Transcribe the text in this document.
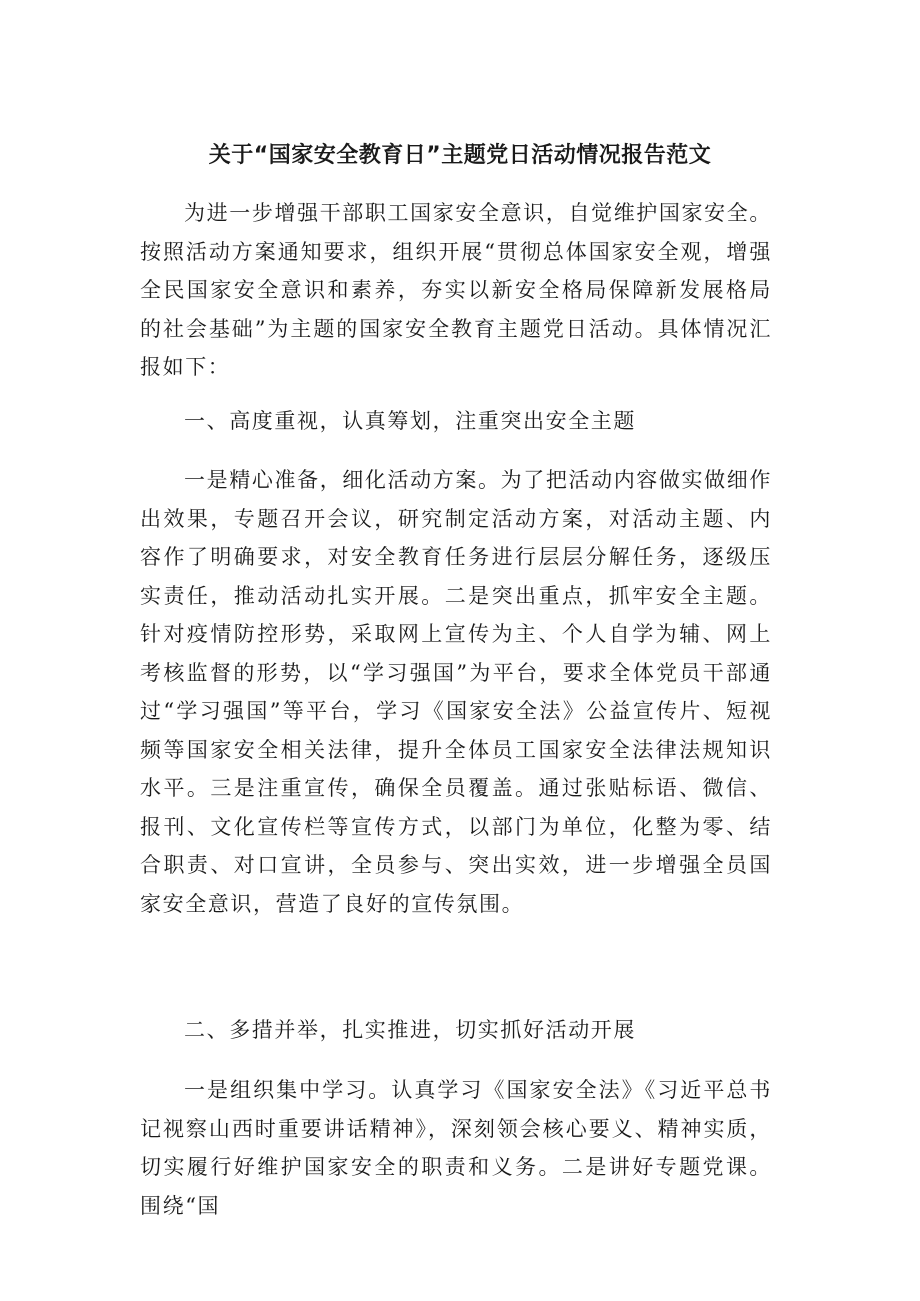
关于“国家安全教育日”主题党日活动情况报告范文

为进一步增强干部职工国家安全意识，自觉维护国家安全。按照活动方案通知要求，组织开展“贯彻总体国家安全观，增强全民国家安全意识和素养，夯实以新安全格局保障新发展格局的社会基础”为主题的国家安全教育主题党日活动。具体情况汇报如下：

一、高度重视，认真筹划，注重突出安全主题

一是精心准备，细化活动方案。为了把活动内容做实做细作出效果，专题召开会议，研究制定活动方案，对活动主题、内容作了明确要求，对安全教育任务进行层层分解任务，逐级压实责任，推动活动扎实开展。二是突出重点，抓牢安全主题。针对疫情防控形势，采取网上宣传为主、个人自学为辅、网上考核监督的形势，以“学习强国”为平台，要求全体党员干部通过“学习强国”等平台，学习《国家安全法》公益宣传片、短视频等国家安全相关法律，提升全体员工国家安全法律法规知识水平。三是注重宣传，确保全员覆盖。通过张贴标语、微信、报刊、文化宣传栏等宣传方式，以部门为单位，化整为零、结合职责、对口宣讲，全员参与、突出实效，进一步增强全员国家安全意识，营造了良好的宣传氛围。

二、多措并举，扎实推进，切实抓好活动开展

一是组织集中学习。认真学习《国家安全法》《习近平总书记视察山西时重要讲话精神》，深刻领会核心要义、精神实质，切实履行好维护国家安全的职责和义务。二是讲好专题党课。围绕“国
